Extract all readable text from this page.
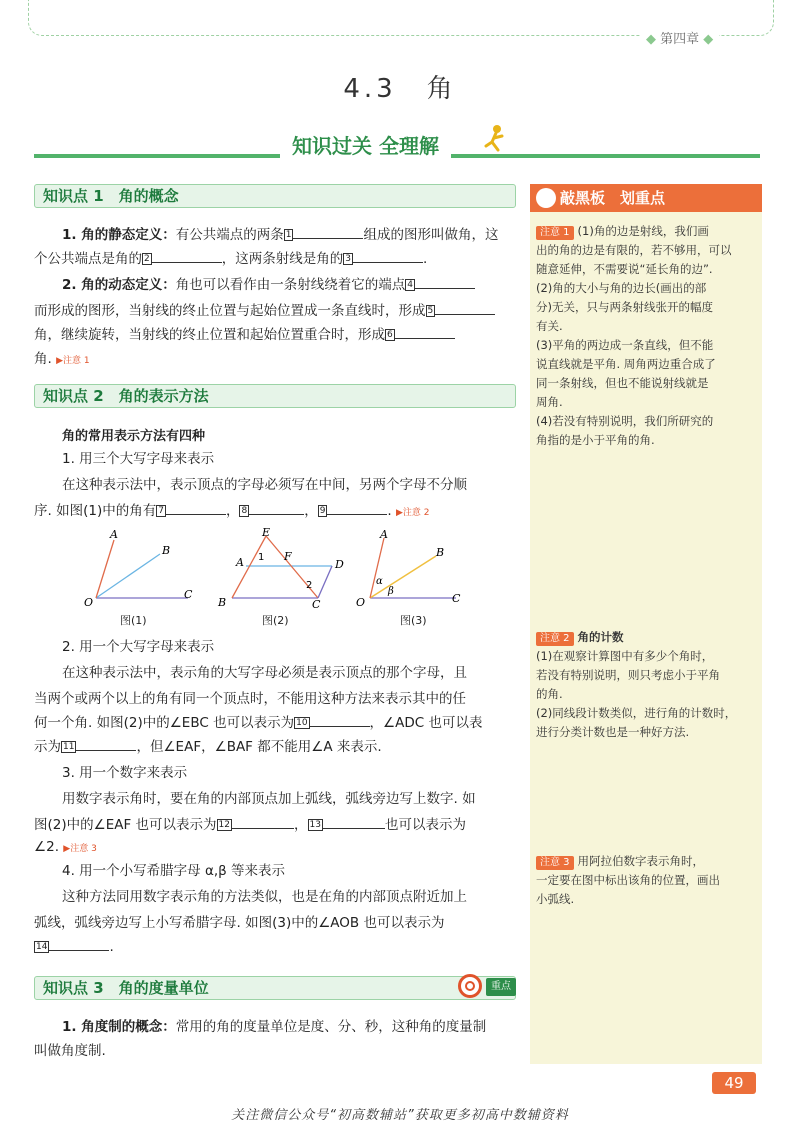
◆ 第四章 ◆
4.3　角
知识过关 全理解
知识点 1　角的概念
1. 角的静态定义：有公共端点的两条 1	组成的图形叫做角，这
个公共端点是角的 2	，这两条射线是角的 3	.
2. 角的动态定义：角也可以看作由一条射线绕着它的端点 4
而形成的图形，当射线的终止位置与起始位置成一条直线时，形成 5
角，继续旋转，当射线的终止位置和起始位置重合时，形成 6
角. ▶注意 1
知识点 2　角的表示方法
角的常用表示方法有四种
1. 用三个大写字母来表示
在这种表示法中，表示顶点的字母必须写在中间，另两个字母不分顺
序. 如图(1)中的角有 7	， 8	， 9	. ▶注意 2
A
B
C
O
图(1)
E
A 1 F
D
2
B	C
图(2)
A
B
C
O
α
β
图(3)
2. 用一个大写字母来表示
在这种表示法中，表示角的大写字母必须是表示顶点的那个字母，且
当两个或两个以上的角有同一个顶点时，不能用这种方法来表示其中的任
何一个角. 如图(2)中的∠EBC 也可以表示为 10	，∠ADC 也可以表
示为 11	，但∠EAF，∠BAF 都不能用∠A 来表示.
3. 用一个数字来表示
用数字表示角时，要在角的内部顶点加上弧线，弧线旁边写上数字. 如
图(2)中的∠EAF 也可以表示为 12	， 13	也可以表示为
∠2. ▶注意 3
4. 用一个小写希腊字母 α,β 等来表示
这种方法同用数字表示角的方法类似，也是在角的内部顶点附近加上
弧线，弧线旁边写上小写希腊字母. 如图(3)中的∠AOB 也可以表示为
14	.
知识点 3　角的度量单位	重点
1. 角度制的概念：常用的角的度量单位是度、分、秒，这种角的度量制
叫做角度制.
敲黑板　划重点
注意 1 (1)角的边是射线，我们画
出的角的边是有限的，若不够用，可以
随意延伸，不需要说“延长角的边”.
(2)角的大小与角的边长(画出的部
分)无关，只与两条射线张开的幅度
有关.
(3)平角的两边成一条直线，但不能
说直线就是平角. 周角两边重合成了
同一条射线，但也不能说射线就是
周角.
(4)若没有特别说明，我们所研究的
角指的是小于平角的角.
注意 2 角的计数
(1)在观察计算图中有多少个角时，
若没有特别说明，则只考虑小于平角
的角.
(2)同线段计数类似，进行角的计数时，
进行分类计数也是一种好方法.
注意 3 用阿拉伯数字表示角时，
一定要在图中标出该角的位置，画出
小弧线.
49
关注微信公众号“初高数辅站”获取更多初高中数辅资料
